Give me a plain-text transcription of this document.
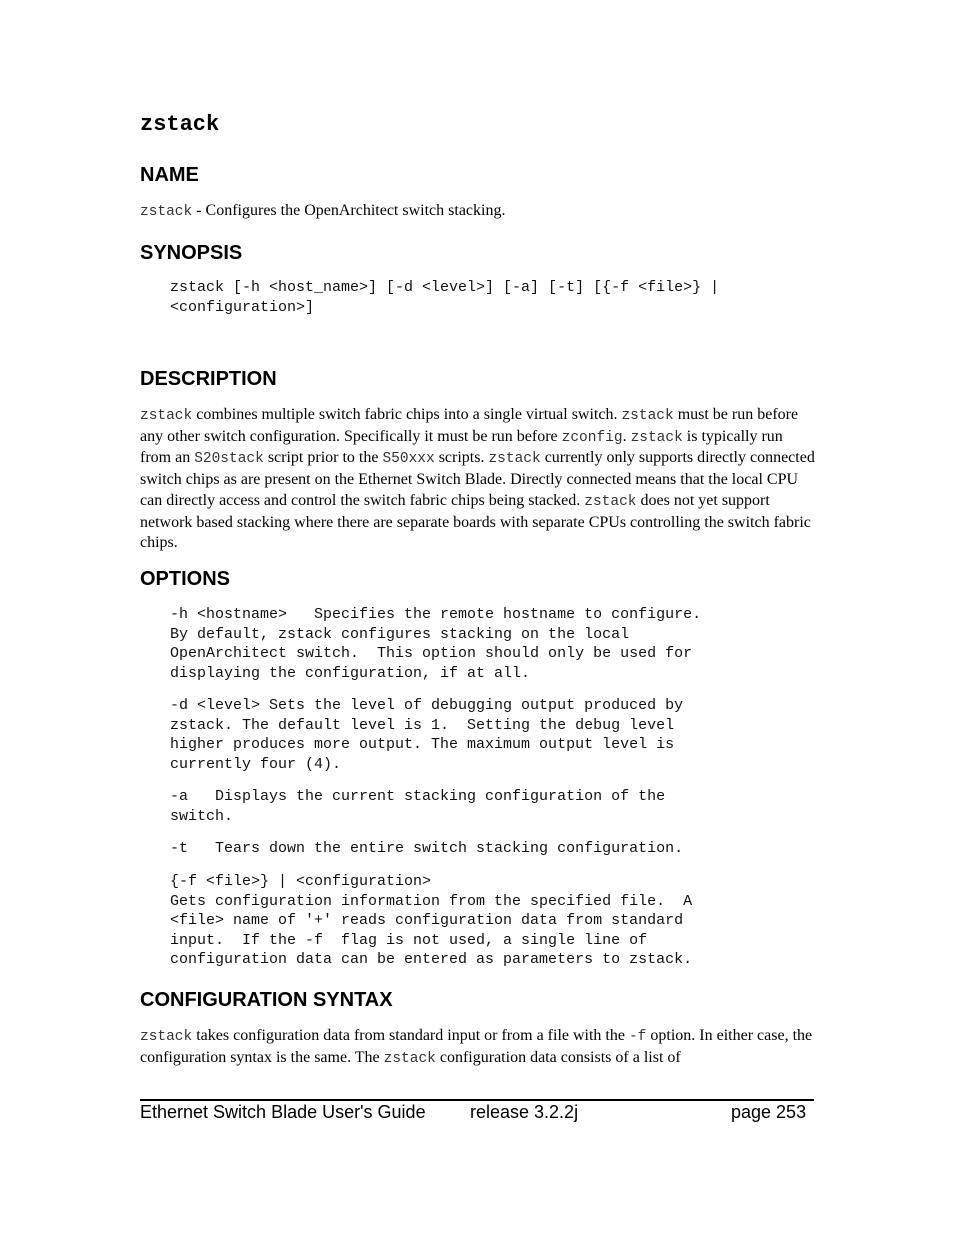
zstack

NAME

zstack - Configures the OpenArchitect switch stacking.

SYNOPSIS
zstack [-h <host_name>] [-d <level>] [-a] [-t] [{-f <file>} |
<configuration>]
DESCRIPTION

zstack combines multiple switch fabric chips into a single virtual switch. zstack must be run before any other switch configuration. Specifically it must be run before zconfig. zstack is typically run from an S20stack script prior to the S50xxx scripts. zstack currently only supports directly connected switch chips as are present on the Ethernet Switch Blade. Directly connected means that the local CPU can directly access and control the switch fabric chips being stacked. zstack does not yet support network based stacking where there are separate boards with separate CPUs controlling the switch fabric chips.

OPTIONS
-h <hostname>   Specifies the remote hostname to configure.
By default, zstack configures stacking on the local
OpenArchitect switch.  This option should only be used for
displaying the configuration, if at all.
-d <level> Sets the level of debugging output produced by
zstack. The default level is 1.  Setting the debug level
higher produces more output. The maximum output level is
currently four (4).
-a   Displays the current stacking configuration of the
switch.
-t   Tears down the entire switch stacking configuration.
{-f <file>} | <configuration>
Gets configuration information from the specified file.  A
<file> name of '+' reads configuration data from standard
input.  If the -f  flag is not used, a single line of
configuration data can be entered as parameters to zstack.
CONFIGURATION SYNTAX

zstack takes configuration data from standard input or from a file with the -f option. In either case, the configuration syntax is the same. The zstack configuration data consists of a list of

Ethernet Switch Blade User's Guide release 3.2.2j	page 253
